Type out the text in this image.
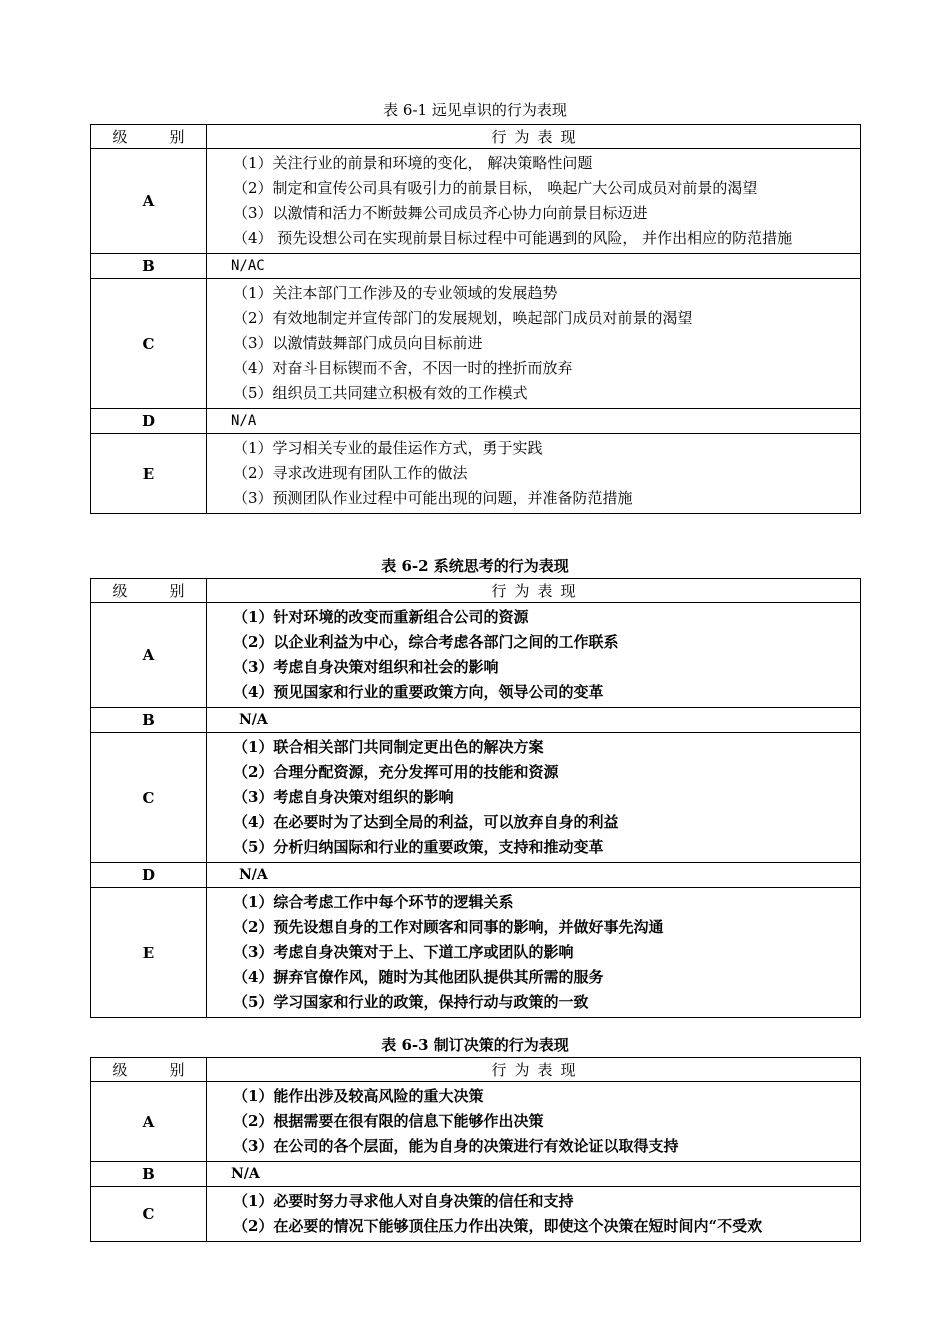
表 6-1 远见卓识的行为表现
级 别	行为表现
A	（1）关注行业的前景和环境的变化， 解决策略性问题
（2）制定和宣传公司具有吸引力的前景目标， 唤起广大公司成员对前景的渴望
（3）以激情和活力不断鼓舞公司成员齐心协力向前景目标迈进
（4） 预先设想公司在实现前景目标过程中可能遇到的风险， 并作出相应的防范措施

B	N/AC
C	（1）关注本部门工作涉及的专业领域的发展趋势
（2）有效地制定并宣传部门的发展规划，唤起部门成员对前景的渴望
（3）以激情鼓舞部门成员向目标前进
（4）对奋斗目标锲而不舍，不因一时的挫折而放弃
（5）组织员工共同建立积极有效的工作模式

D	N/A
E	（1）学习相关专业的最佳运作方式，勇于实践
（2）寻求改进现有团队工作的做法
（3）预测团队作业过程中可能出现的问题，并准备防范措施
表 6-2 系统思考的行为表现
级 别	行为表现
A	（1）针对环境的改变而重新组合公司的资源
（2）以企业利益为中心，综合考虑各部门之间的工作联系
（3）考虑自身决策对组织和社会的影响
（4）预见国家和行业的重要政策方向，领导公司的变革

B	N/A
C	（1）联合相关部门共同制定更出色的解决方案
（2）合理分配资源，充分发挥可用的技能和资源
（3）考虑自身决策对组织的影响
（4）在必要时为了达到全局的利益，可以放弃自身的利益
（5）分析归纳国际和行业的重要政策，支持和推动变革

D	N/A
E	（1）综合考虑工作中每个环节的逻辑关系
（2）预先设想自身的工作对顾客和同事的影响，并做好事先沟通
（3）考虑自身决策对于上、下道工序或团队的影响
（4）摒弃官僚作风，随时为其他团队提供其所需的服务
（5）学习国家和行业的政策，保持行动与政策的一致
表 6-3 制订决策的行为表现
级 别	行为表现
A	（1）能作出涉及较高风险的重大决策
（2）根据需要在很有限的信息下能够作出决策
（3）在公司的各个层面，能为自身的决策进行有效论证以取得支持

B	N/A
C	（1）必要时努力寻求他人对自身决策的信任和支持
（2）在必要的情况下能够顶住压力作出决策，即使这个决策在短时间内“不受欢
